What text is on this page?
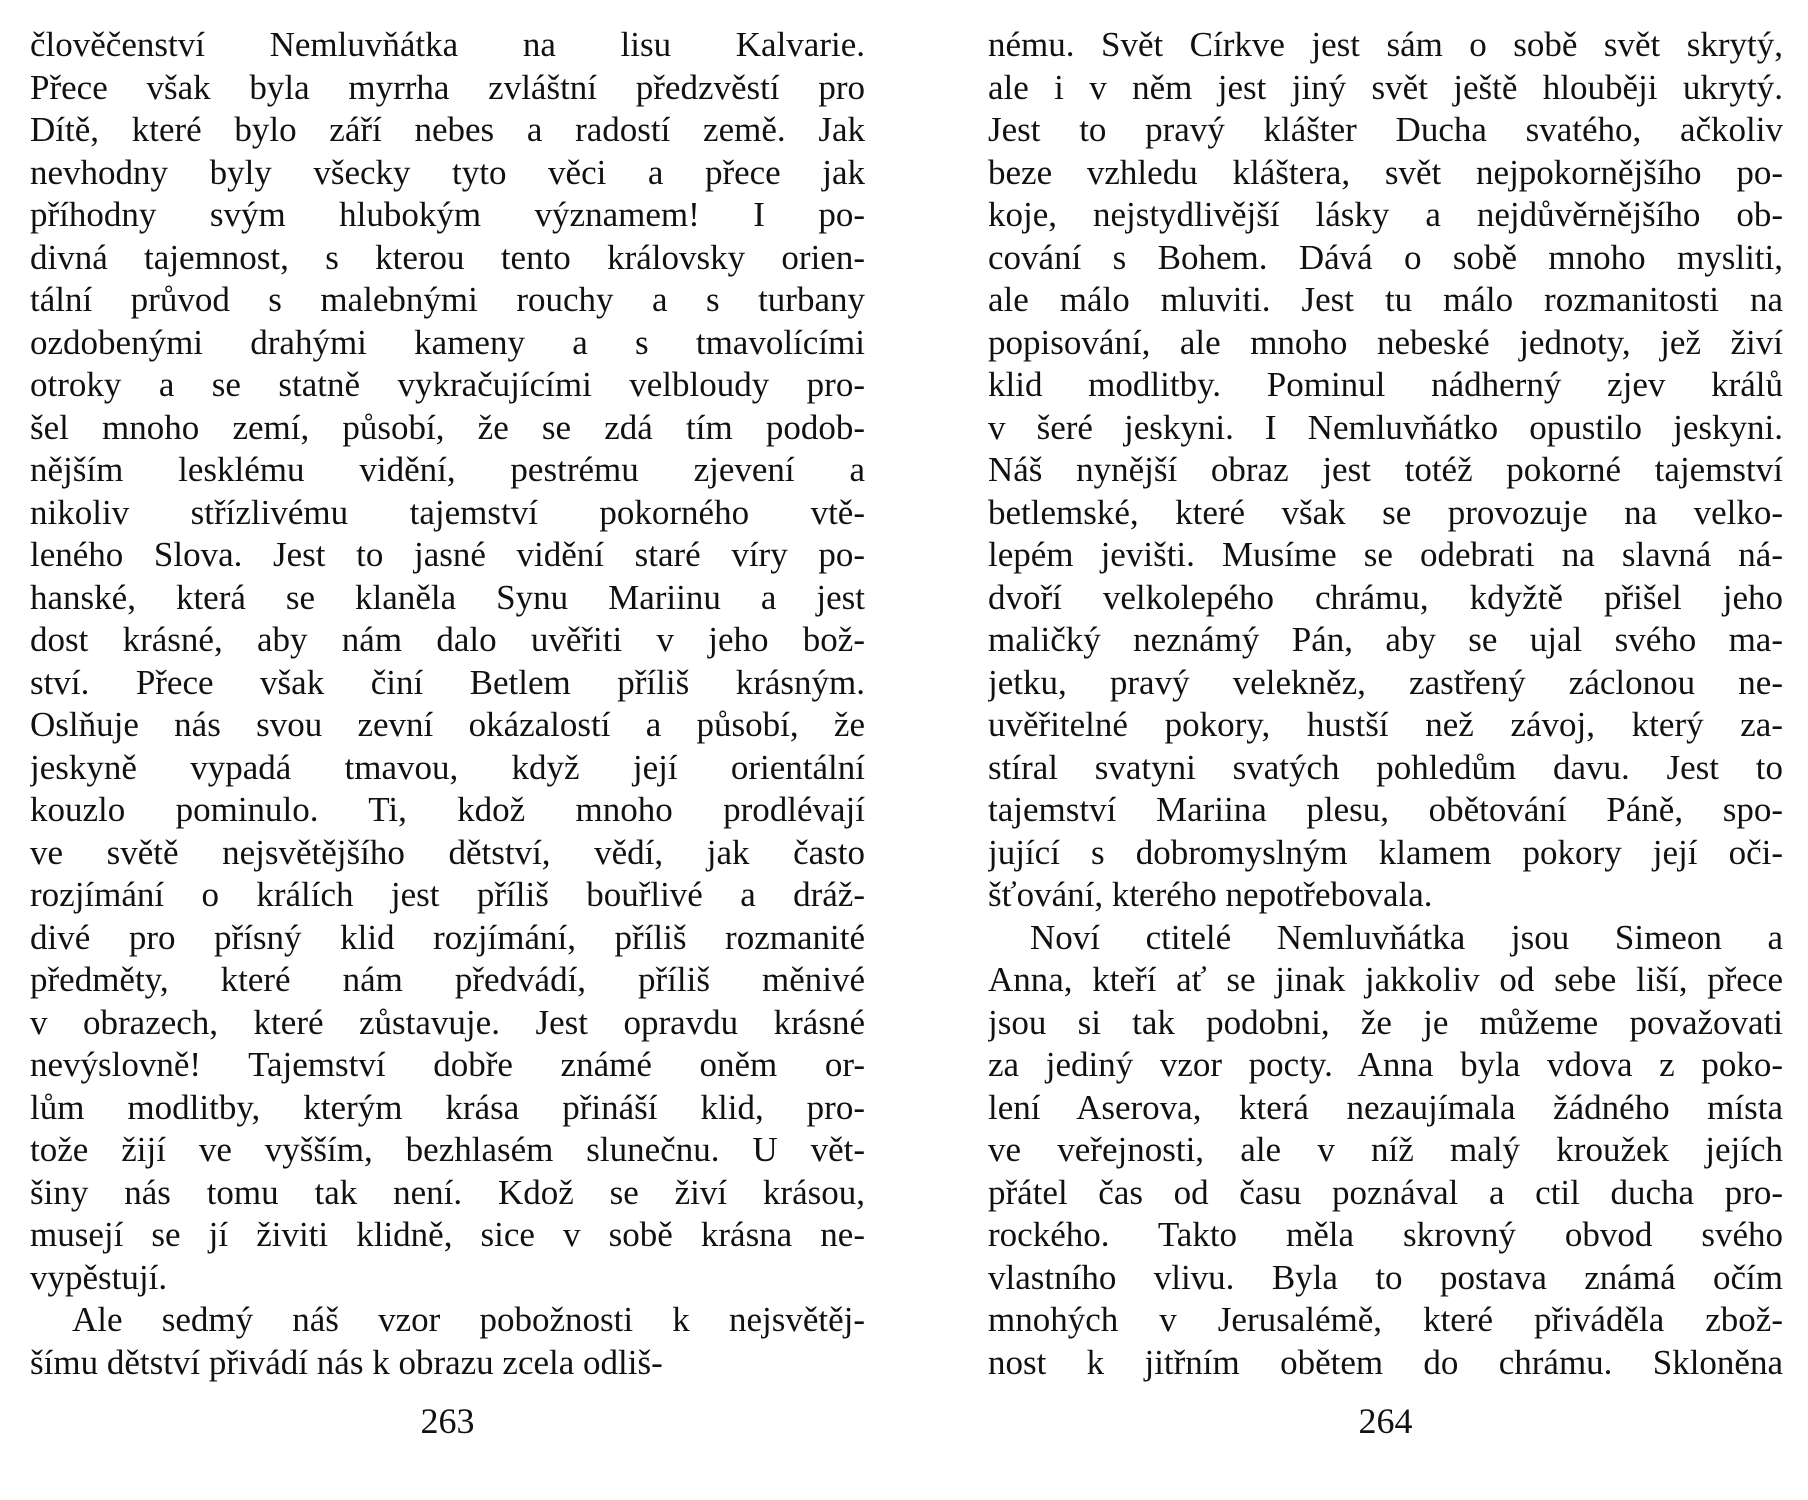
člověčenství Nemluvňátka na lisu Kalvarie.
Přece však byla myrrha zvláštní předzvěstí pro
Dítě, které bylo září nebes a radostí země. Jak
nevhodny byly všecky tyto věci a přece jak
příhodny svým hlubokým významem! I po-
divná tajemnost, s kterou tento královsky orien-
tální průvod s malebnými rouchy a s turbany
ozdobenými drahými kameny a s tmavolícími
otroky a se statně vykračujícími velbloudy pro-
šel mnoho zemí, působí, že se zdá tím podob-
nějším lesklému vidění, pestrému zjevení a
nikoliv střízlivému tajemství pokorného vtě-
leného Slova. Jest to jasné vidění staré víry po-
hanské, která se klaněla Synu Mariinu a jest
dost krásné, aby nám dalo uvěřiti v jeho bož-
ství. Přece však činí Betlem příliš krásným.
Oslňuje nás svou zevní okázalostí a působí, že
jeskyně vypadá tmavou, když její orientální
kouzlo pominulo. Ti, kdož mnoho prodlévají
ve světě nejsvětějšího dětství, vědí, jak často
rozjímání o králích jest příliš bouřlivé a dráž-
divé pro přísný klid rozjímání, příliš rozmanité
předměty, které nám předvádí, příliš měnivé
v obrazech, které zůstavuje. Jest opravdu krásné
nevýslovně! Tajemství dobře známé oněm or-
lům modlitby, kterým krása přináší klid, pro-
tože žijí ve vyšším, bezhlasém slunečnu. U vět-
šiny nás tomu tak není. Kdož se živí krásou,
musejí se jí živiti klidně, sice v sobě krásna ne-
vypěstují.
Ale sedmý náš vzor pobožnosti k nejsvětěj-
šímu dětství přivádí nás k obrazu zcela odliš-
263
nému. Svět Církve jest sám o sobě svět skrytý,
ale i v něm jest jiný svět ještě hlouběji ukrytý.
Jest to pravý klášter Ducha svatého, ačkoliv
beze vzhledu kláštera, svět nejpokornějšího po-
koje, nejstydlivější lásky a nejdůvěrnějšího ob-
cování s Bohem. Dává o sobě mnoho mysliti,
ale málo mluviti. Jest tu málo rozmanitosti na
popisování, ale mnoho nebeské jednoty, jež živí
klid modlitby. Pominul nádherný zjev králů
v šeré jeskyni. I Nemluvňátko opustilo jeskyni.
Náš nynější obraz jest totéž pokorné tajemství
betlemské, které však se provozuje na velko-
lepém jevišti. Musíme se odebrati na slavná ná-
dvoří velkolepého chrámu, kdyžtě přišel jeho
maličký neznámý Pán, aby se ujal svého ma-
jetku, pravý velekněz, zastřený záclonou ne-
uvěřitelné pokory, hustší než závoj, který za-
stíral svatyni svatých pohledům davu. Jest to
tajemství Mariina plesu, obětování Páně, spo-
jující s dobromyslným klamem pokory její oči-
šťování, kterého nepotřebovala.
Noví ctitelé Nemluvňátka jsou Simeon a
Anna, kteří ať se jinak jakkoliv od sebe liší, přece
jsou si tak podobni, že je můžeme považovati
za jediný vzor pocty. Anna byla vdova z poko-
lení Aserova, která nezaujímala žádného místa
ve veřejnosti, ale v níž malý kroužek jejích
přátel čas od času poznával a ctil ducha pro-
rockého. Takto měla skrovný obvod svého
vlastního vlivu. Byla to postava známá očím
mnohých v Jerusalémě, které přiváděla zbož-
nost k jitřním obětem do chrámu. Skloněna
264
